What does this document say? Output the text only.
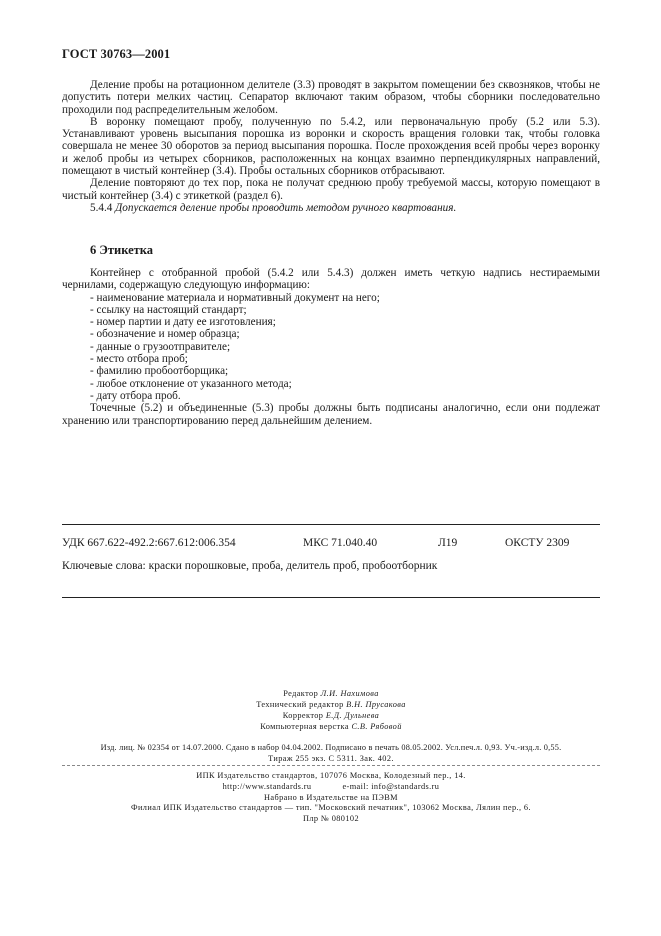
ГОСТ 30763—2001

Деление пробы на ротационном делителе (3.3) проводят в закрытом помещении без сквозняков, чтобы не допустить потери мелких частиц. Сепаратор включают таким образом, чтобы сборники последовательно проходили под распределительным желобом.

В воронку помещают пробу, полученную по 5.4.2, или первоначальную пробу (5.2 или 5.3). Устанавливают уровень высыпания порошка из воронки и скорость вращения головки так, чтобы головка совершала не менее 30 оборотов за период высыпания порошка. После прохождения всей пробы через воронку и желоб пробы из четырех сборников, расположенных на концах взаимно перпендикулярных направлений, помещают в чистый контейнер (3.4). Пробы остальных сборников отбрасывают.

Деление повторяют до тех пор, пока не получат среднюю пробу требуемой массы, которую помещают в чистый контейнер (3.4) с этикеткой (раздел 6).

5.4.4 Допускается деление пробы проводить методом ручного квартования.

6 Этикетка

Контейнер с отобранной пробой (5.4.2 или 5.4.3) должен иметь четкую надпись нестираемыми чернилами, содержащую следующую информацию:

- наименование материала и нормативный документ на него;

- ссылку на настоящий стандарт;

- номер партии и дату ее изготовления;

- обозначение и номер образца;

- данные о грузоотправителе;

- место отбора проб;

- фамилию пробоотборщика;

- любое отклонение от указанного метода;

- дату отбора проб.

Точечные (5.2) и объединенные (5.3) пробы должны быть подписаны аналогично, если они подлежат хранению или транспортированию перед дальнейшим делением.

УДК 667.622-492.2:667.612:006.354	МКС 71.040.40	Л19	ОКСТУ 2309
Ключевые слова: краски порошковые, проба, делитель проб, пробоотборник
Редактор Л.И. Нахимова
Технический редактор В.Н. Прусакова
Корректор Е.Д. Дульнева
Компьютерная верстка С.В. Рябовой
Изд. лиц. № 02354 от 14.07.2000. Сдано в набор 04.04.2002. Подписано в печать 08.05.2002. Усл.печ.л. 0,93. Уч.-изд.л. 0,55.
Тираж 255 экз. С 5311. Зак. 402.
ИПК Издательство стандартов, 107076 Москва, Колодезный пер., 14.
http://www.standards.ru	e-mail: info@standards.ru
Набрано в Издательстве на ПЭВМ
Филиал ИПК Издательство стандартов — тип. "Московский печатник", 103062 Москва, Лялин пер., 6.
Плр № 080102
